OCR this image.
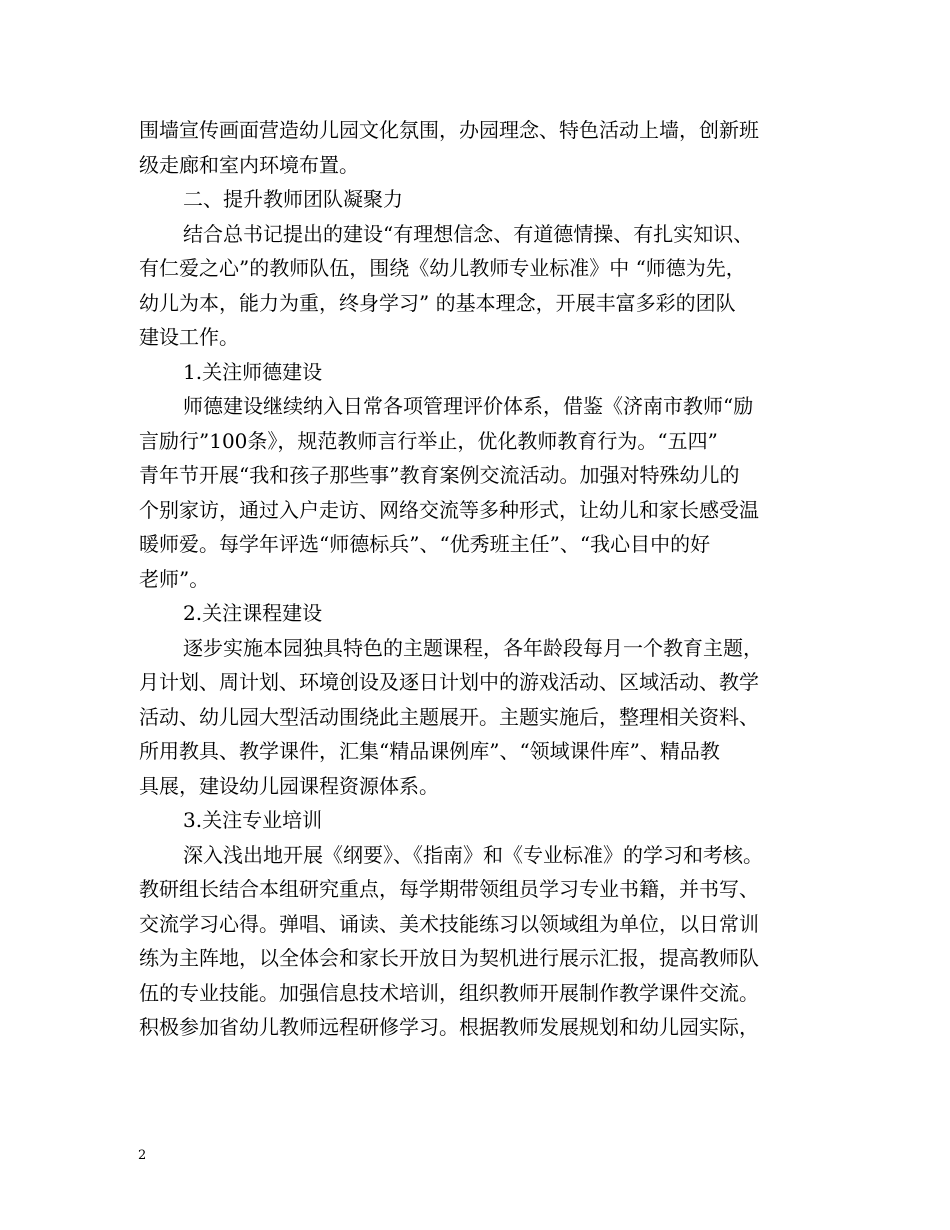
围墙宣传画面营造幼儿园文化氛围，办园理念、特色活动上墙，创新班
级走廊和室内环境布置。
二、提升教师团队凝聚力
结合总书记提出的建设“有理想信念、有道德情操、有扎实知识、
有仁爱之心”的教师队伍，围绕《幼儿教师专业标准》中 “师德为先，
幼儿为本，能力为重，终身学习” 的基本理念，开展丰富多彩的团队
建设工作。
1.关注师德建设
师德建设继续纳入日常各项管理评价体系，借鉴《济南市教师“励
言励行”100条》，规范教师言行举止，优化教师教育行为。“五四”
青年节开展“我和孩子那些事”教育案例交流活动。加强对特殊幼儿的
个别家访，通过入户走访、网络交流等多种形式，让幼儿和家长感受温
暖师爱。每学年评选“师德标兵”、“优秀班主任”、“我心目中的好
老师”。
2.关注课程建设
逐步实施本园独具特色的主题课程，各年龄段每月一个教育主题，
月计划、周计划、环境创设及逐日计划中的游戏活动、区域活动、教学
活动、幼儿园大型活动围绕此主题展开。主题实施后，整理相关资料、
所用教具、教学课件，汇集“精品课例库”、“领域课件库”、精品教
具展，建设幼儿园课程资源体系。
3.关注专业培训
深入浅出地开展《纲要》、《指南》和《专业标准》的学习和考核。
教研组长结合本组研究重点，每学期带领组员学习专业书籍，并书写、
交流学习心得。弹唱、诵读、美术技能练习以领域组为单位，以日常训
练为主阵地，以全体会和家长开放日为契机进行展示汇报，提高教师队
伍的专业技能。加强信息技术培训，组织教师开展制作教学课件交流。
积极参加省幼儿教师远程研修学习。根据教师发展规划和幼儿园实际，
2
